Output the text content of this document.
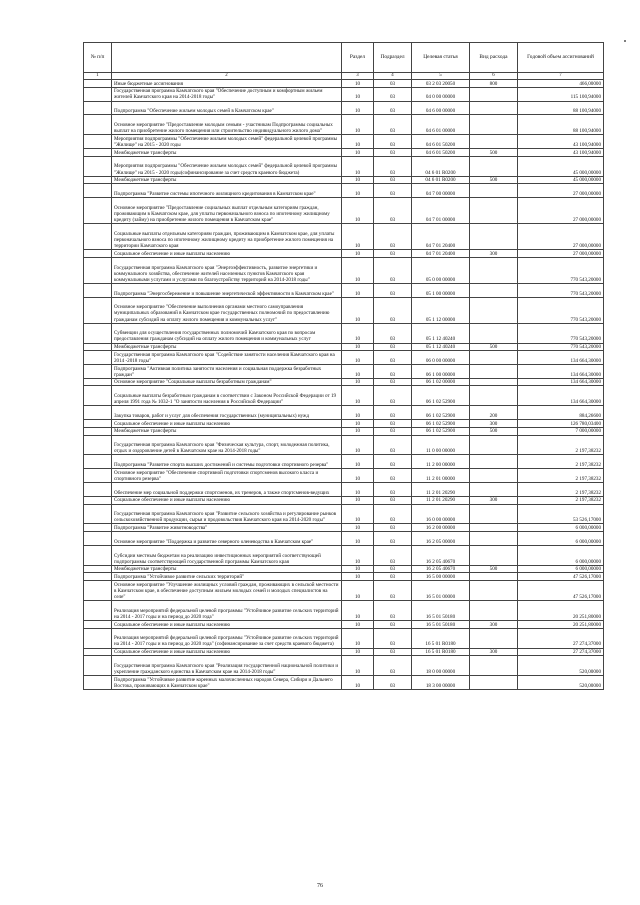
№ п/п		Раздел	Подраздел	Целевая статья	Вид расхода	Годовой объем ассигнований
1	2	3	4	5	6	7
	Иные бюджетные ассигнования	10	03	03 2 03 20050	800	466,00000
	Государственная программа Камчатского края "Обеспечение доступным и комфортным жильем жителей Камчатского края на 2014-2018 годы"	10	03	04 0 00 00000		115 100,94000
	Подпрограмма "Обеспечение жильем молодых семей в Камчатском крае"	10	03	04 6 00 00000		88 100,94000
	Основное мероприятие "Предоставление молодым семьям - участникам Подпрограммы социальных выплат на приобретение жилого помещения или строительство индивидуального жилого дома"	10	03	04 6 01 00000		88 100,94000
	Мероприятия подпрограммы "Обеспечение жильем молодых семей" федеральной целевой программы "Жилище" на 2015 - 2020 годы	10	03	04 6 01 50200		43 100,94000
	Межбюджетные трансферты	10	03	04 6 01 50200	500	43 100,94000
	Мероприятия подпрограммы "Обеспечение жильем молодых семей" федеральной целевой программы "Жилище" на 2015 - 2020 годы(софинансирование за счет средств краевого бюджета)	10	03	04 6 01 R0200		45 000,00000
	Межбюджетные трансферты	10	03	04 6 01 R0200	500	45 000,00000
	Подпрограмма "Развитие системы ипотечного жилищного кредитования в Камчатском крае"	10	03	04 7 00 00000		27 000,00000
	Основное мероприятие "Предоставление социальных выплат отдельным категориям граждан, проживающим в Камчатском крае, для уплаты первоначального взноса по ипотечному жилищному кредиту (займу) на приобретение жилого помещения в Камчатском крае"	10	03	04 7 01 00000		27 000,00000
	Социальные выплаты отдельным категориям граждан, проживающим в Камчатском крае, для уплаты первоначального взноса по ипотечному жилищному кредиту на приобретение жилого помещения на территории Камчатского края	10	03	04 7 01 20400		27 000,00000
	Социальное обеспечение и иные выплаты населению	10	03	04 7 01 20400	300	27 000,00000
	Государственная программа Камчатского края "Энергоэффективность, развитие энергетики и коммунального хозяйства, обеспечение жителей населенных пунктов Камчатского края коммунальными услугами и услугами по благоустройству территорий на 2014-2018 годы"	10	03	05 0 00 00000		770 543,20000
	Подпрограмма "Энергосбережение и повышение энергетической эффективности в Камчатском крае"	10	03	05 1 00 00000		770 543,20000
	Основное мероприятие "Обеспечение выполнения органами местного самоуправления муниципальных образований в Камчатском крае государственных полномочий по предоставлению гражданам субсидий на оплату жилого помещения и коммунальных услуг"	10	03	05 1 12 00000		770 543,20000
	Субвенции для осуществления государственных полномочий Камчатского края по вопросам предоставления гражданам субсидий на оплату жилого помещения и коммунальных услуг	10	03	05 1 12 40240		770 543,20000
	Межбюджетные трансферты	10	03	05 1 12 40240	500	770 543,20000
	Государственная программа Камчатского края "Содействие занятости населения Камчатского края на 2014 -2018 годы"	10	03	06 0 00 00000		134 664,30000
	Подпрограмма "Активная политика занятости населения и социальная поддержка безработных граждан"	10	03	06 1 00 00000		134 664,30000
	Основное мероприятие "Социальные выплаты безработным гражданам"	10	03	06 1 02 00000		134 664,30000
	Социальные выплаты безработным гражданам в соответствии с Законом Российской Федерации от 19 апреля 1991 года № 1032-1 "О занятости населения в Российской Федерации"	10	03	06 1 02 52900		134 664,30000
	Закупка товаров, работ и услуг для обеспечения государственных (муниципальных) нужд	10	03	06 1 02 52900	200	884,26600
	Социальное обеспечение и иные выплаты населению	10	03	06 1 02 52900	300	126 780,03400
	Межбюджетные трансферты	10	03	06 1 02 52900	500	7 000,00000
	Государственная программа Камчатского края "Физическая культура, спорт, молодежная политика, отдых и оздоровление детей в Камчатском крае на 2014-2018 годы"	10	03	11 0 00 00000		2 197,38232
	Подпрограмма "Развитие спорта высших достижений и системы подготовки спортивного резерва"	10	03	11 2 00 00000		2 197,38232
	Основное мероприятие "Обеспечение спортивной подготовки спортсменов высокого класса и спортивного резерва"	10	03	11 2 01 00000		2 197,38232
	Обеспечение мер социальной поддержки спортсменов, их тренеров, а также спортсменов-ведущих	10	03	11 2 01 20290		2 197,38232
	Социальное обеспечение и иные выплаты населению	10	03	11 2 01 20290	300	2 197,38232
	Государственная программа Камчатского края "Развитие сельского хозяйства и регулирование рынков сельскохозяйственной продукции, сырья и продовольствия Камчатского края на 2014-2020 годы"	10	03	16 0 00 00000		53 526,17000
	Подпрограмма "Развитие животноводства"	10	03	16 2 00 00000		6 000,00000
	Основное мероприятие "Поддержка и развитие северного оленеводства в Камчатском крае"	10	03	16 2 05 00000		6 000,00000
	Субсидии местным бюджетам на реализацию инвестиционных мероприятий соответствующей подпрограммы соответствующей государственной программы Камчатского края	10	03	16 2 05 40670		6 000,00000
	Межбюджетные трансферты	10	03	16 2 05 40670	500	6 000,00000
	Подпрограмма "Устойчивое развитие сельских территорий"	10	03	16 5 00 00000		47 526,17000
	Основное мероприятие "Улучшение жилищных условий граждан, проживающих в сельской местности в Камчатском крае, в обеспечение доступным жильем молодых семей и молодых специалистов на селе"	10	03	16 5 01 00000		47 526,17000
	Реализация мероприятий федеральной целевой программы "Устойчивое развитие сельских территорий на 2014 - 2017 годы и на период до 2020 года"	10	03	16 5 01 50180		20 251,80000
	Социальное обеспечение и иные выплаты населению	10	03	16 5 01 50180	300	20 251,80000
	Реализация мероприятий федеральной целевой программы "Устойчивое развитие сельских территорий на 2014 - 2017 годы и на период до 2020 года" (софинансирование за счет средств краевого бюджета)	10	03	16 5 01 R0180		27 274,37000
	Социальное обеспечение и иные выплаты населению	10	03	16 5 01 R0180	300	27 274,37000
	Государственная программа Камчатского края "Реализация государственной национальной политики и укрепление гражданского единства в Камчатском крае на 2014-2018 годы"	10	03	18 0 00 00000		520,00000
	Подпрограмма "Устойчивое развитие коренных малочисленных народов Севера, Сибири и Дальнего Востока, проживающих в Камчатском крае"	10	03	18 3 00 00000		520,00000
76
